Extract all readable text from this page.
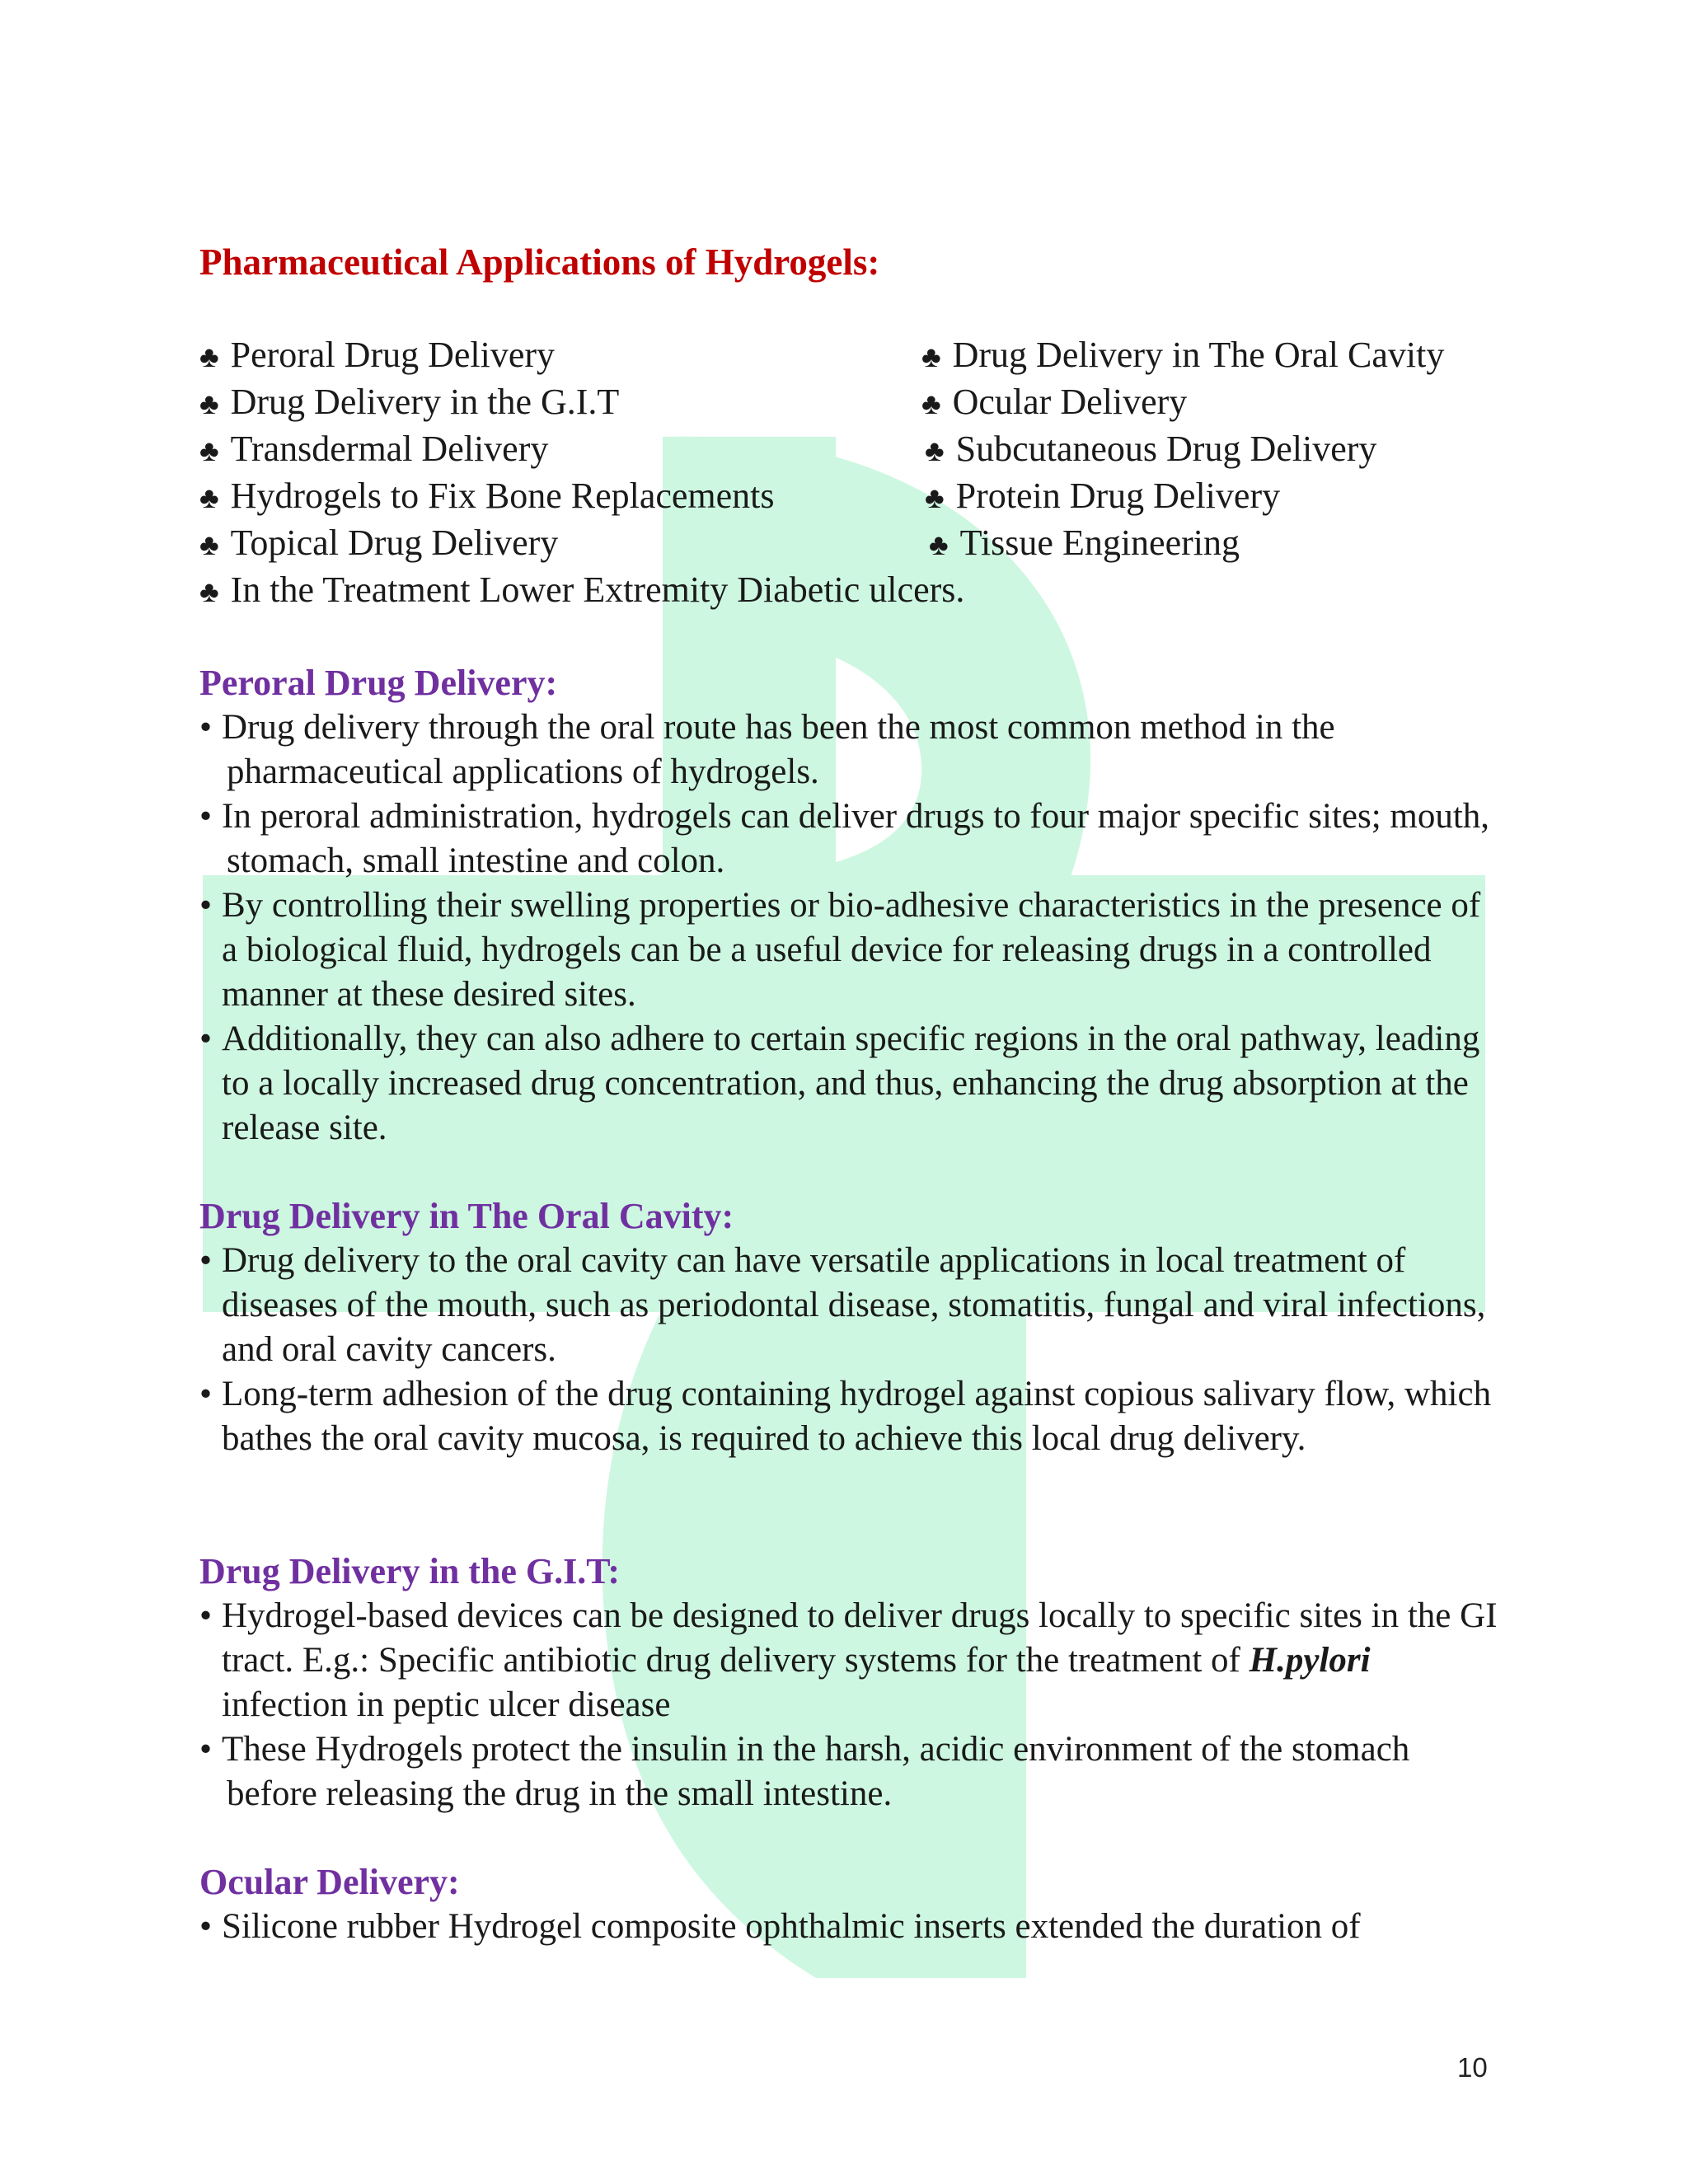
Pharmaceutical Applications of Hydrogels:
♣ Peroral Drug Delivery
♣ Drug Delivery in the G.I.T
♣ Transdermal Delivery
♣ Hydrogels to Fix Bone Replacements
♣ Topical Drug Delivery
♣ In the Treatment Lower Extremity Diabetic ulcers.
♣ Drug Delivery in The Oral Cavity
♣ Ocular Delivery
♣ Subcutaneous Drug Delivery
♣ Protein Drug Delivery
♣ Tissue Engineering
Peroral Drug Delivery:
• Drug delivery through the oral route has been the most common method in the pharmaceutical applications of hydrogels.
• In peroral administration, hydrogels can deliver drugs to four major specific sites; mouth, stomach, small intestine and colon.
• By controlling their swelling properties or bio-adhesive characteristics in the presence of a biological fluid, hydrogels can be a useful device for releasing drugs in a controlled manner at these desired sites.
• Additionally, they can also adhere to certain specific regions in the oral pathway, leading to a locally increased drug concentration, and thus, enhancing the drug absorption at the release site.
Drug Delivery in The Oral Cavity:
• Drug delivery to the oral cavity can have versatile applications in local treatment of diseases of the mouth, such as periodontal disease, stomatitis, fungal and viral infections, and oral cavity cancers.
• Long-term adhesion of the drug containing hydrogel against copious salivary flow, which bathes the oral cavity mucosa, is required to achieve this local drug delivery.
Drug Delivery in the G.I.T:
• Hydrogel-based devices can be designed to deliver drugs locally to specific sites in the GI tract. E.g.: Specific antibiotic drug delivery systems for the treatment of H.pylori infection in peptic ulcer disease
• These Hydrogels protect the insulin in the harsh, acidic environment of the stomach before releasing the drug in the small intestine.
Ocular Delivery:
• Silicone rubber Hydrogel composite ophthalmic inserts extended the duration of
10
